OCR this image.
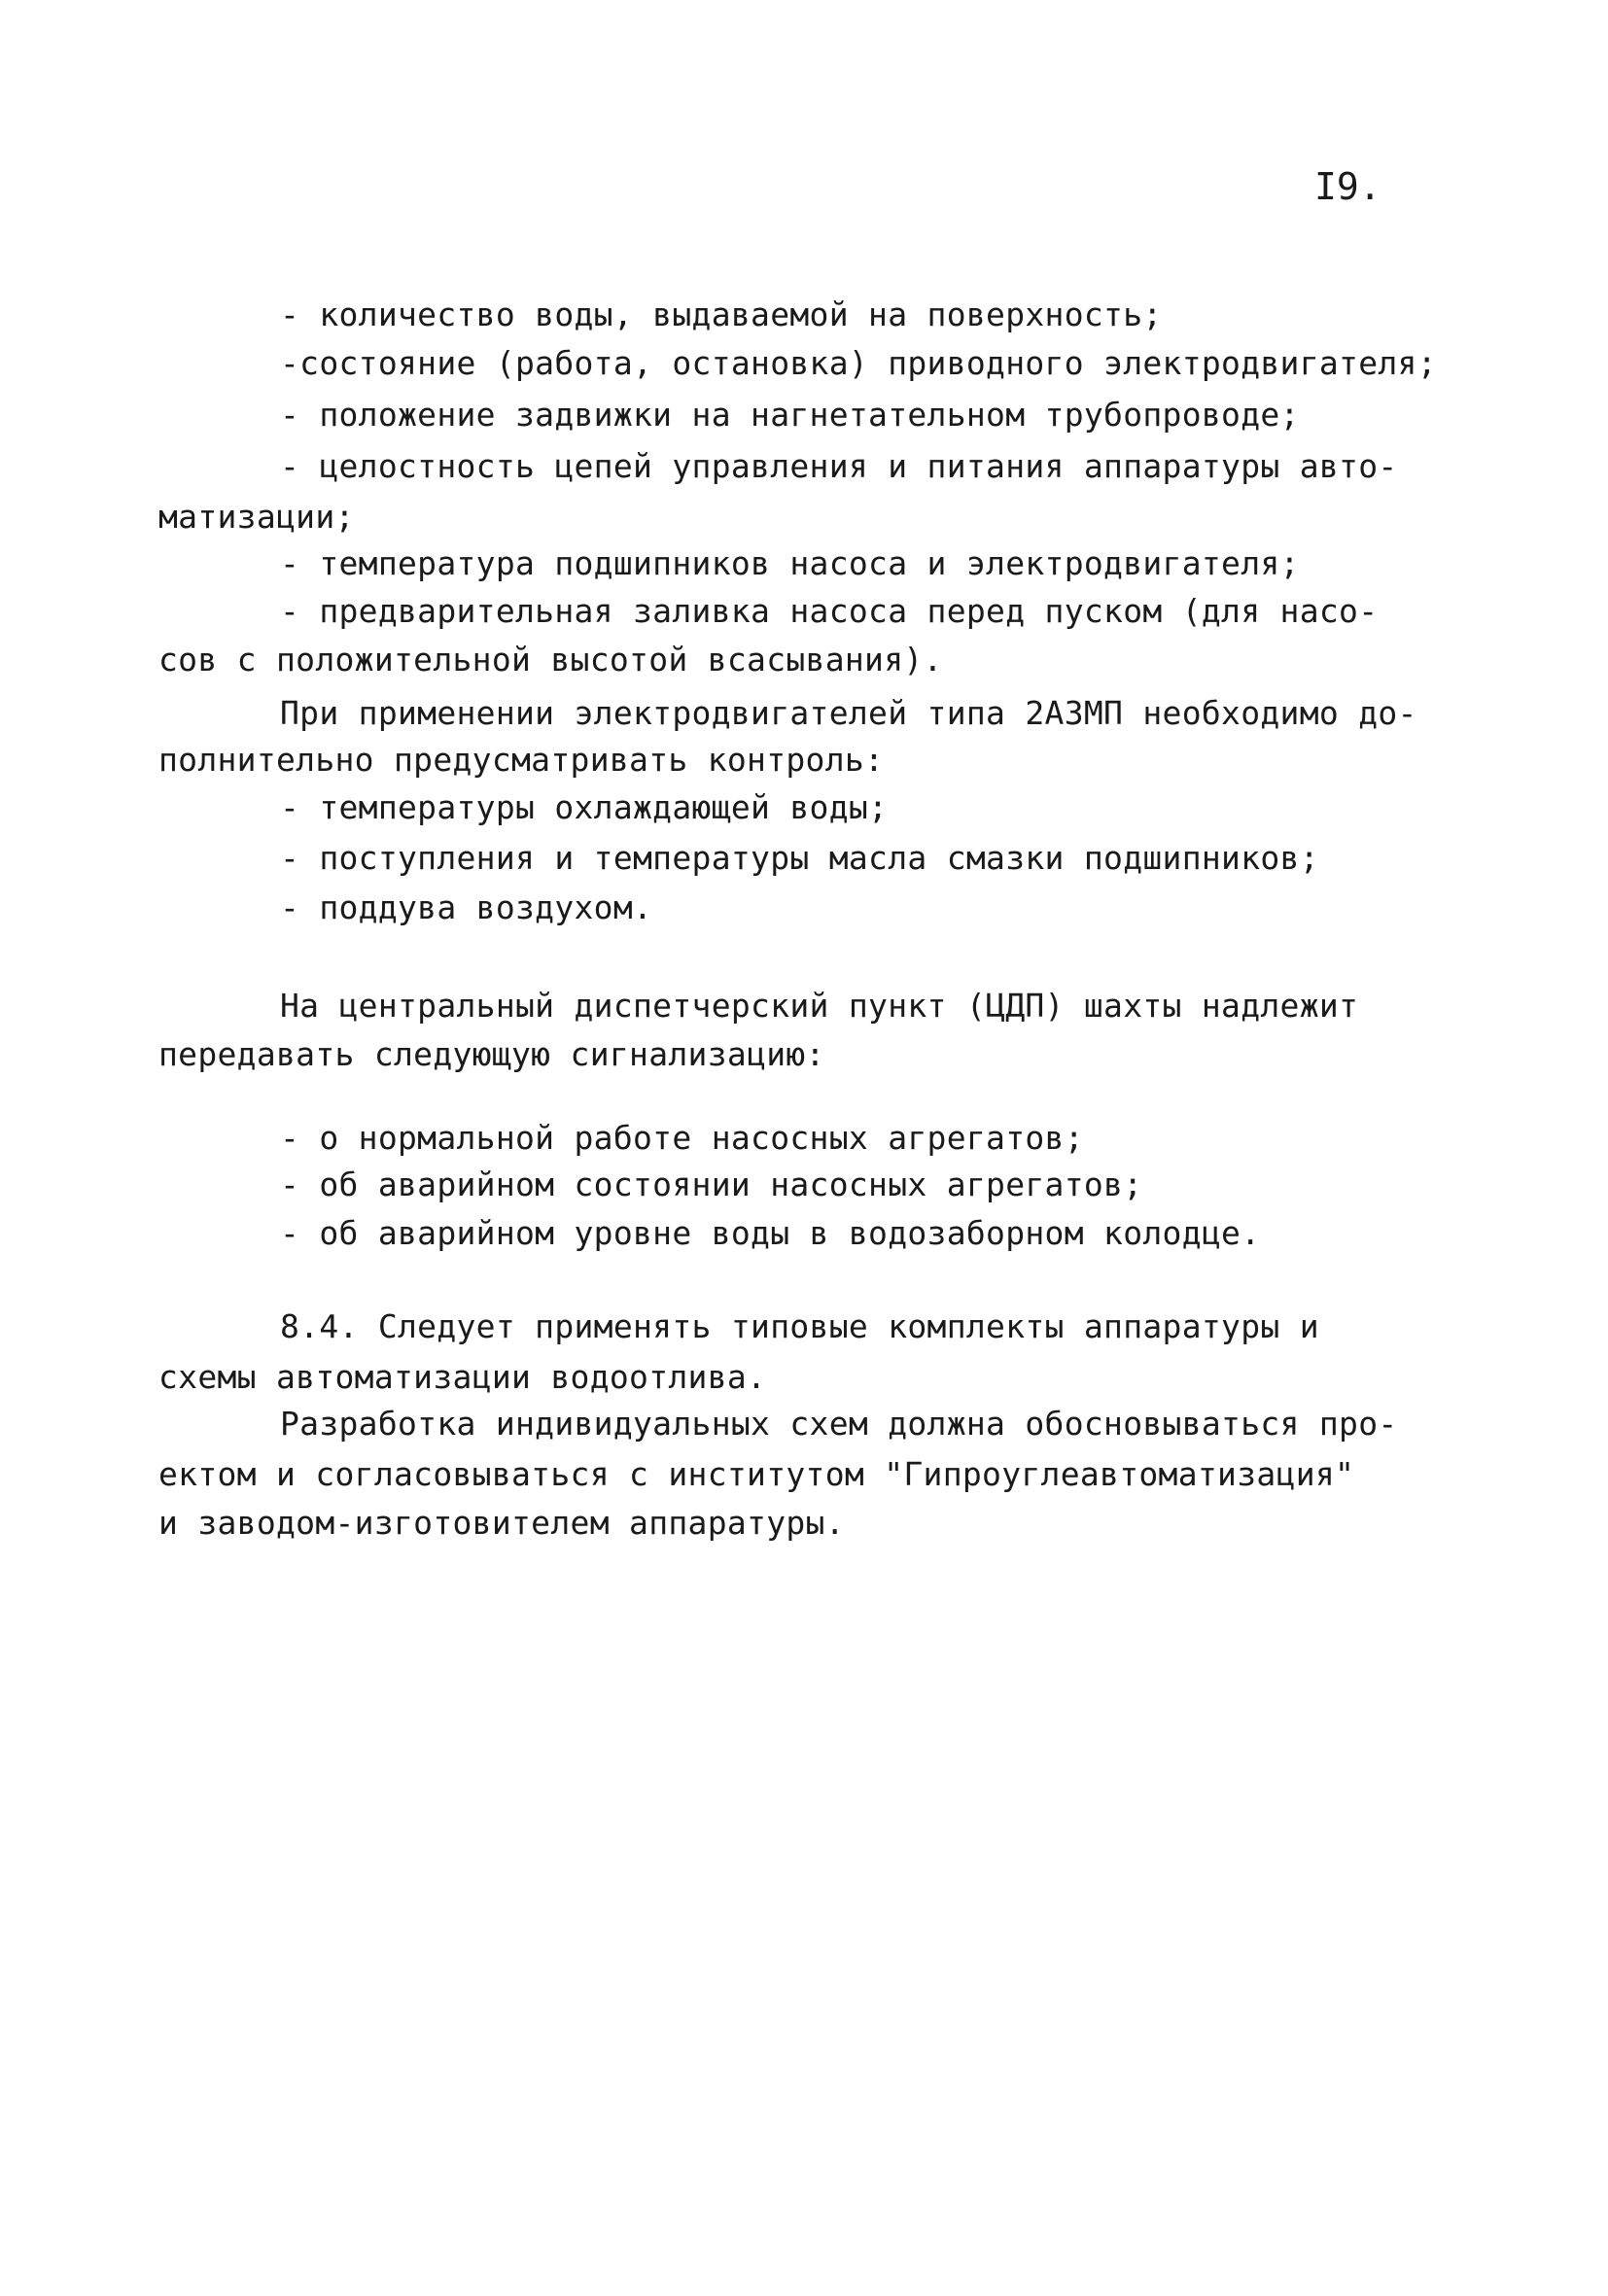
I9.
- количество воды, выдаваемой на поверхность;
-состояние (работа, остановка) приводного электродвигателя;
- положение задвижки на нагнетательном трубопроводе;
- целостность цепей управления и питания аппаратуры авто-
матизации;
- температура подшипников насоса и электродвигателя;
- предварительная заливка насоса перед пуском (для насо-
сов с положительной высотой всасывания).
При применении электродвигателей типа 2АЗМП необходимо до-
полнительно предусматривать контроль:
- температуры охлаждающей воды;
- поступления и температуры масла смазки подшипников;
- поддува воздухом.
На центральный диспетчерский пункт (ЦДП) шахты надлежит
передавать следующую сигнализацию:
- о нормальной работе насосных агрегатов;
- об аварийном состоянии насосных агрегатов;
- об аварийном уровне воды в водозаборном колодце.
8.4. Следует применять типовые комплекты аппаратуры и
схемы автоматизации водоотлива.
Разработка индивидуальных схем должна обосновываться про-
ектом и согласовываться с институтом "Гипроуглеавтоматизация"
и заводом-изготовителем аппаратуры.
